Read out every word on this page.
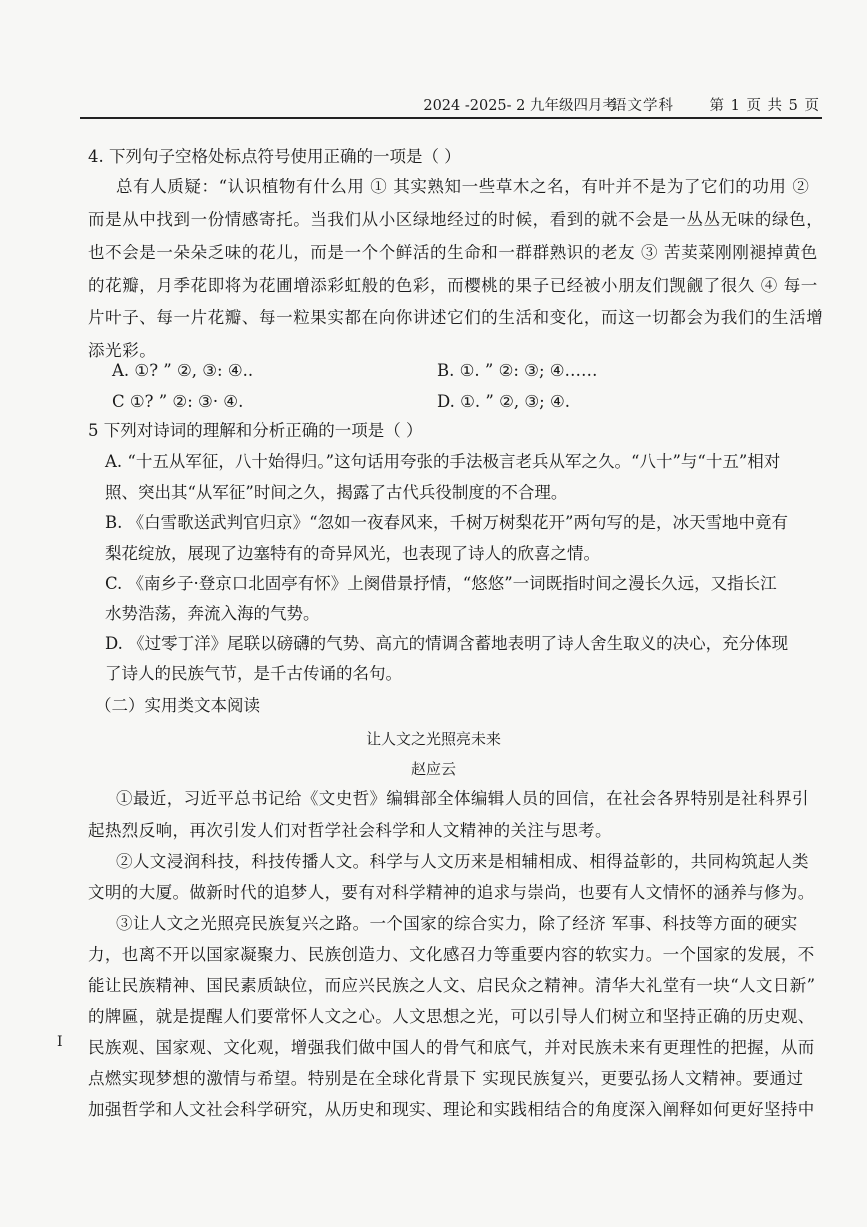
2024 -2025- 2 九年级四月考
语文学科 第 1 页 共 5 页
4. 下列句子空格处标点符号使用正确的一项是（ ）
总有人质疑：“认识植物有什么用 ① 其实熟知一些草木之名，有叶并不是为了它们的功用 ②
而是从中找到一份情感寄托。当我们从小区绿地经过的时候，看到的就不会是一丛丛无味的绿色，
也不会是一朵朵乏味的花儿，而是一个个鲜活的生命和一群群熟识的老友 ③ 苦荬菜刚刚褪掉黄色
的花瓣，月季花即将为花圃增添彩虹般的色彩，而樱桃的果子已经被小朋友们觊觎了很久 ④ 每一
片叶子、每一片花瓣、每一粒果实都在向你讲述它们的生活和变化，而这一切都会为我们的生活增
添光彩。
A. ①? ” ②, ③: ④..	B. ①. ” ②: ③; ④……
C ①? ” ②: ③· ④.	D. ①. ” ②, ③; ④.
5 下列对诗词的理解和分析正确的一项是（ ）
A. “十五从军征，八十始得归。”这句话用夸张的手法极言老兵从军之久。“八十”与“十五”相对
照、突出其“从军征”时间之久，揭露了古代兵役制度的不合理。
B. 《白雪歌送武判官归京》“忽如一夜春风来，千树万树梨花开”两句写的是，冰天雪地中竟有
梨花绽放，展现了边塞特有的奇异风光，也表现了诗人的欣喜之情。
C. 《南乡子·登京口北固亭有怀》上阕借景抒情，“悠悠”一词既指时间之漫长久远，又指长江
水势浩荡，奔流入海的气势。
D. 《过零丁洋》尾联以磅礴的气势、高亢的情调含蓄地表明了诗人舍生取义的决心，充分体现
了诗人的民族气节，是千古传诵的名句。
（二）实用类文本阅读
让人文之光照亮未来
赵应云
①最近，习近平总书记给《文史哲》编辑部全体编辑人员的回信，在社会各界特别是社科界引
起热烈反响，再次引发人们对哲学社会科学和人文精神的关注与思考。
②人文浸润科技，科技传播人文。科学与人文历来是相辅相成、相得益彰的，共同构筑起人类
文明的大厦。做新时代的追梦人，要有对科学精神的追求与崇尚，也要有人文情怀的涵养与修为。
③让人文之光照亮民族复兴之路。一个国家的综合实力，除了经济 军事、科技等方面的硬实
力，也离不开以国家凝聚力、民族创造力、文化感召力等重要内容的软实力。一个国家的发展，不
能让民族精神、国民素质缺位，而应兴民族之人文、启民众之精神。清华大礼堂有一块“人文日新”
的牌匾，就是提醒人们要常怀人文之心。人文思想之光，可以引导人们树立和坚持正确的历史观、
民族观、国家观、文化观，增强我们做中国人的骨气和底气，并对民族未来有更理性的把握，从而
点燃实现梦想的激情与希望。特别是在全球化背景下 实现民族复兴，更要弘扬人文精神。要通过
加强哲学和人文社会科学研究，从历史和现实、理论和实践相结合的角度深入阐释如何更好坚持中
I
